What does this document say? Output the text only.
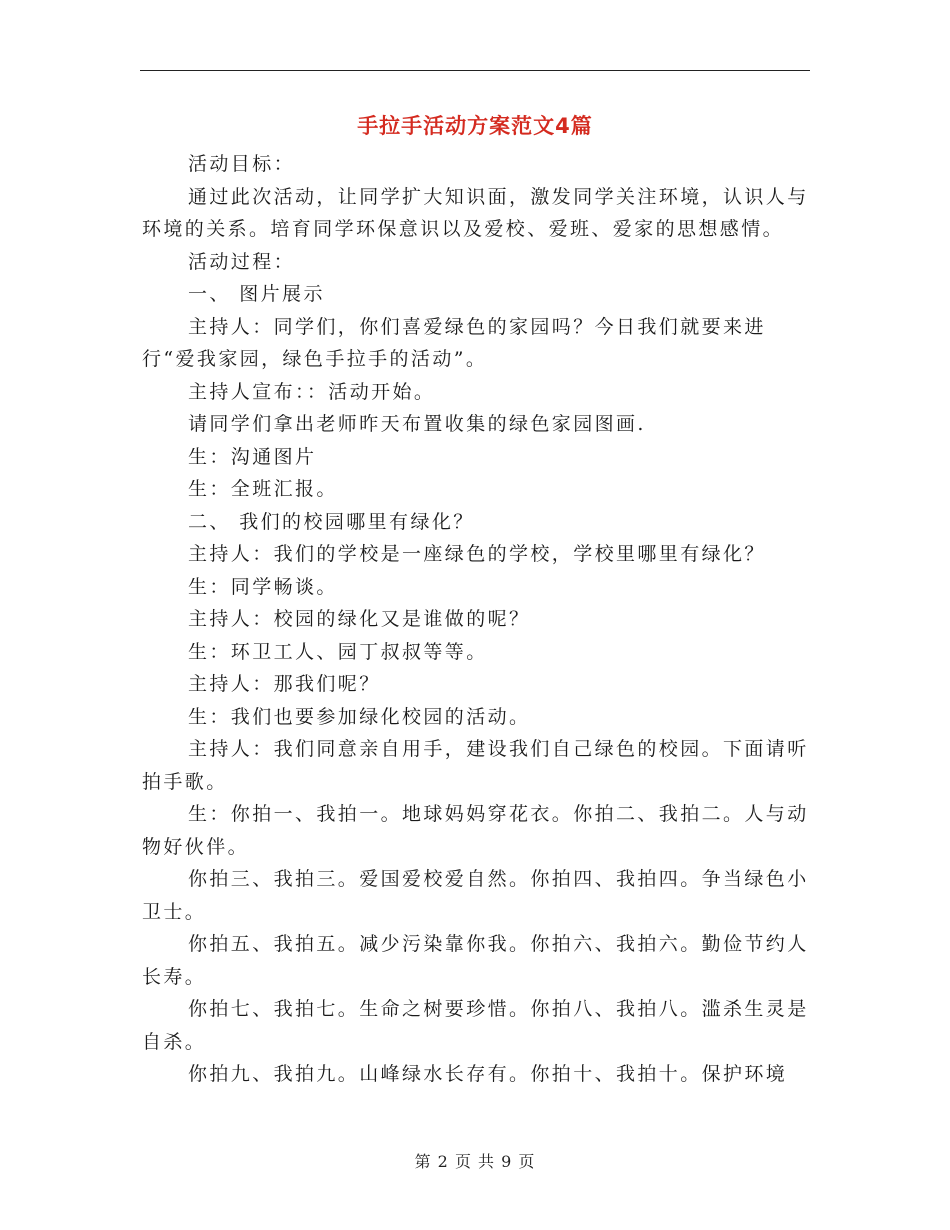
手拉手活动方案范文4篇

活动目标：

通过此次活动，让同学扩大知识面，激发同学关注环境，认识人与环境的关系。培育同学环保意识以及爱校、爱班、爱家的思想感情。

活动过程：

一、 图片展示

主持人：同学们，你们喜爱绿色的家园吗？今日我们就要来进行“爱我家园，绿色手拉手的活动”。

主持人宣布：：活动开始。

请同学们拿出老师昨天布置收集的绿色家园图画.

生：沟通图片

生：全班汇报。

二、 我们的校园哪里有绿化？

主持人：我们的学校是一座绿色的学校，学校里哪里有绿化？

生：同学畅谈。

主持人：校园的绿化又是谁做的呢？

生：环卫工人、园丁叔叔等等。

主持人：那我们呢？

生：我们也要参加绿化校园的活动。

主持人：我们同意亲自用手，建设我们自己绿色的校园。下面请听拍手歌。

生：你拍一、我拍一。地球妈妈穿花衣。你拍二、我拍二。人与动物好伙伴。

你拍三、我拍三。爱国爱校爱自然。你拍四、我拍四。争当绿色小卫士。

你拍五、我拍五。减少污染靠你我。你拍六、我拍六。勤俭节约人长寿。

你拍七、我拍七。生命之树要珍惜。你拍八、我拍八。滥杀生灵是自杀。

你拍九、我拍九。山峰绿水长存有。你拍十、我拍十。保护环境

第 2 页 共 9 页
